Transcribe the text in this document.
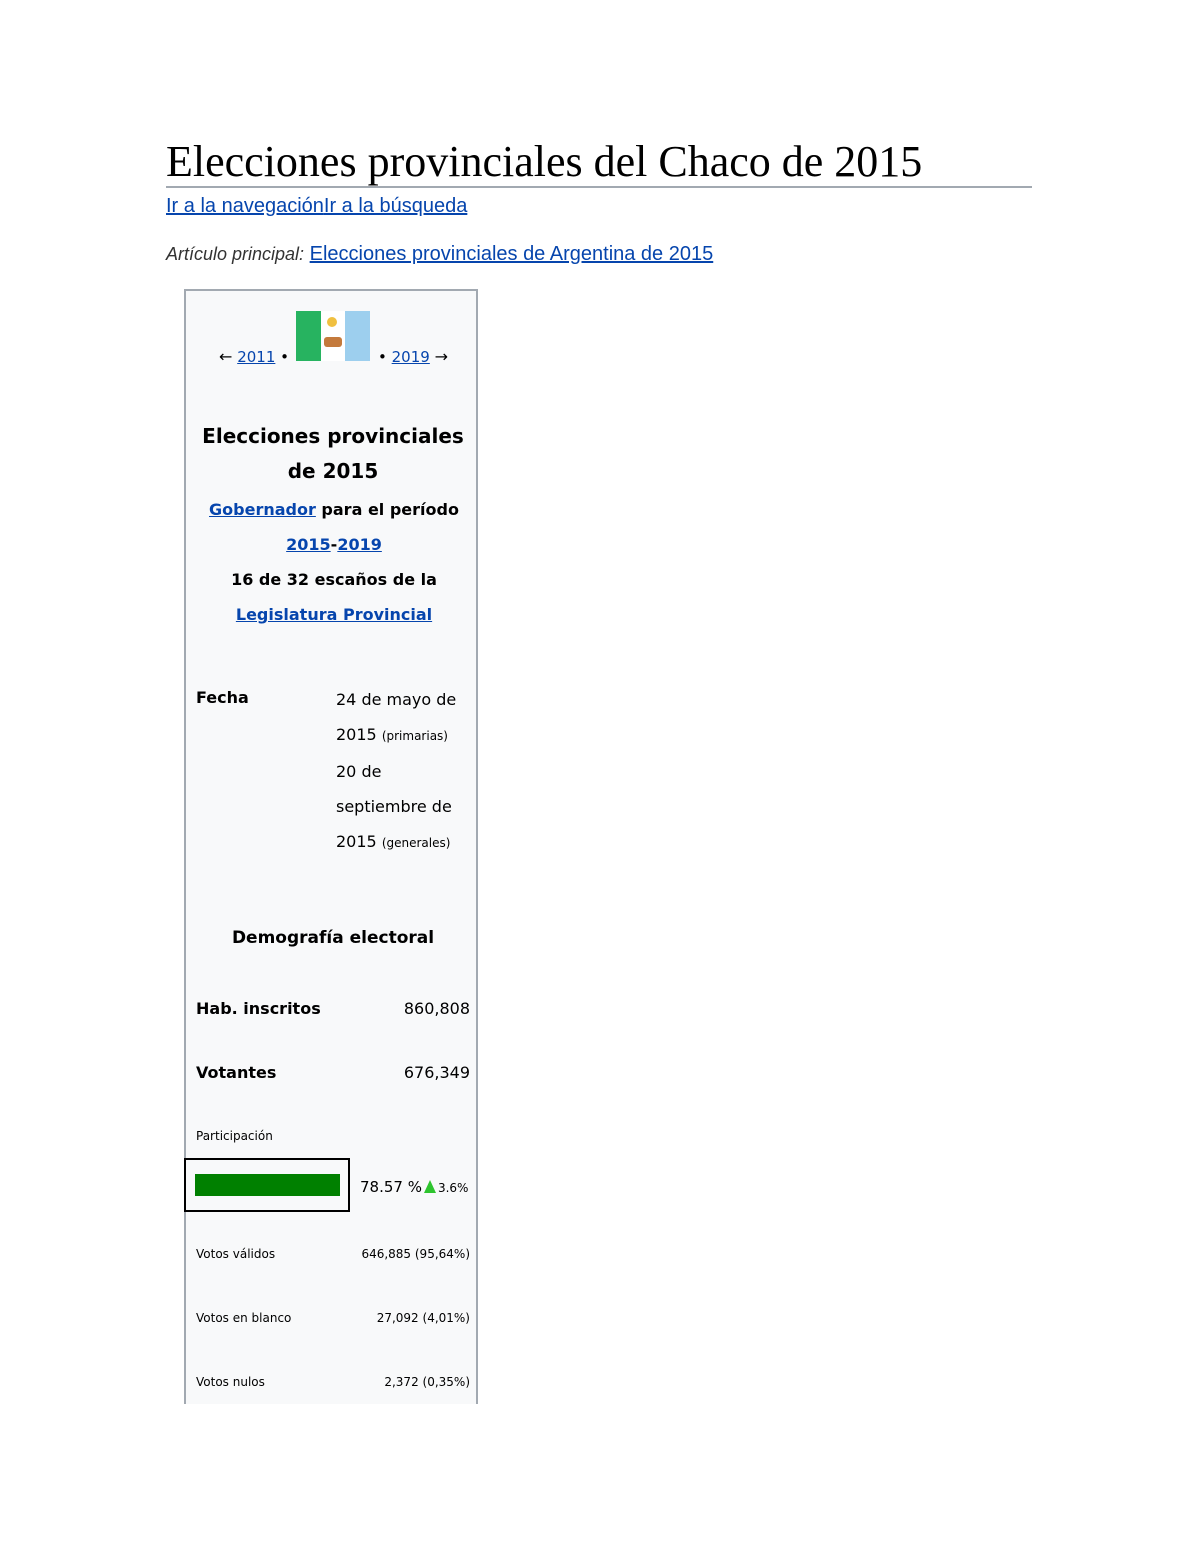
Elecciones provinciales del Chaco de 2015
Ir a la navegaciónIr a la búsqueda
Artículo principal: Elecciones provinciales de Argentina de 2015
← 2011 •	• 2019 →
Elecciones provinciales de 2015
Gobernador para el período 2015-2019
16 de 32 escaños de la Legislatura Provincial
Fecha	24 de mayo de 2015 (primarias)
20 de septiembre de 2015 (generales)
Demografía electoral
Hab. inscritos	860,808
Votantes	676,349
Participación
78.57 % 3.6%
Votos válidos	646,885 (95,64%)
Votos en blanco	27,092 (4,01%)
Votos nulos	2,372 (0,35%)
